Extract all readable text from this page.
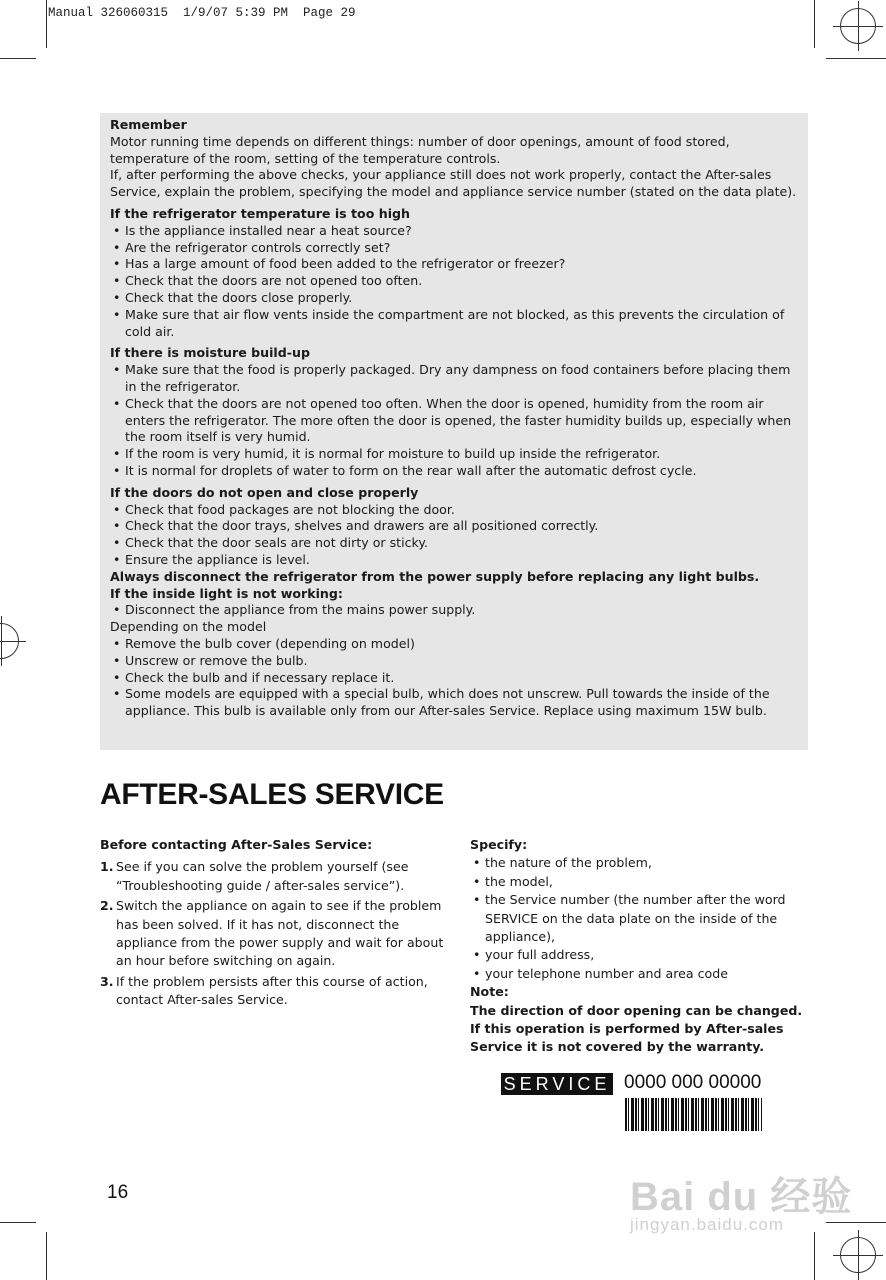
Manual 326060315  1/9/07 5:39 PM  Page 29

Remember

Motor running time depends on different things: number of door openings, amount of food stored, temperature of the room, setting of the temperature controls.

If, after performing the above checks, your appliance still does not work properly, contact the After-sales Service, explain the problem, specifying the model and appliance service number (stated on the data plate).

If the refrigerator temperature is too high

• Is the appliance installed near a heat source?
• Are the refrigerator controls correctly set?
• Has a large amount of food been added to the refrigerator or freezer?
• Check that the doors are not opened too often.
• Check that the doors close properly.
• Make sure that air flow vents inside the compartment are not blocked, as this prevents the circulation of cold air.

If there is moisture build-up

• Make sure that the food is properly packaged. Dry any dampness on food containers before placing them in the refrigerator.
• Check that the doors are not opened too often. When the door is opened, humidity from the room air enters the refrigerator. The more often the door is opened, the faster humidity builds up, especially when the room itself is very humid.
• If the room is very humid, it is normal for moisture to build up inside the refrigerator.
• It is normal for droplets of water to form on the rear wall after the automatic defrost cycle.

If the doors do not open and close properly

• Check that food packages are not blocking the door.
• Check that the door trays, shelves and drawers are all positioned correctly.
• Check that the door seals are not dirty or sticky.
• Ensure the appliance is level.

Always disconnect the refrigerator from the power supply before replacing any light bulbs.

If the inside light is not working:

• Disconnect the appliance from the mains power supply.

Depending on the model

• Remove the bulb cover (depending on model)
• Unscrew or remove the bulb.
• Check the bulb and if necessary replace it.
• Some models are equipped with a special bulb, which does not unscrew. Pull towards the inside of the appliance. This bulb is available only from our After-sales Service. Replace using maximum 15W bulb.
AFTER-SALES SERVICE
Before contacting After-Sales Service:
1. See if you can solve the problem yourself (see “Troubleshooting guide / after-sales service”).
2. Switch the appliance on again to see if the problem has been solved. If it has not, disconnect the appliance from the power supply and wait for about an hour before switching on again.
3. If the problem persists after this course of action, contact After-sales Service.
Specify:
• the nature of the problem,
• the model,
• the Service number (the number after the word SERVICE on the data plate on the inside of the appliance),
• your full address,
• your telephone number and area code
Note:
The direction of door opening can be changed. If this operation is performed by After-sales Service it is not covered by the warranty.
SERVICE 0000 000 00000
16	Bai du 经验
jingyan.baidu.com
